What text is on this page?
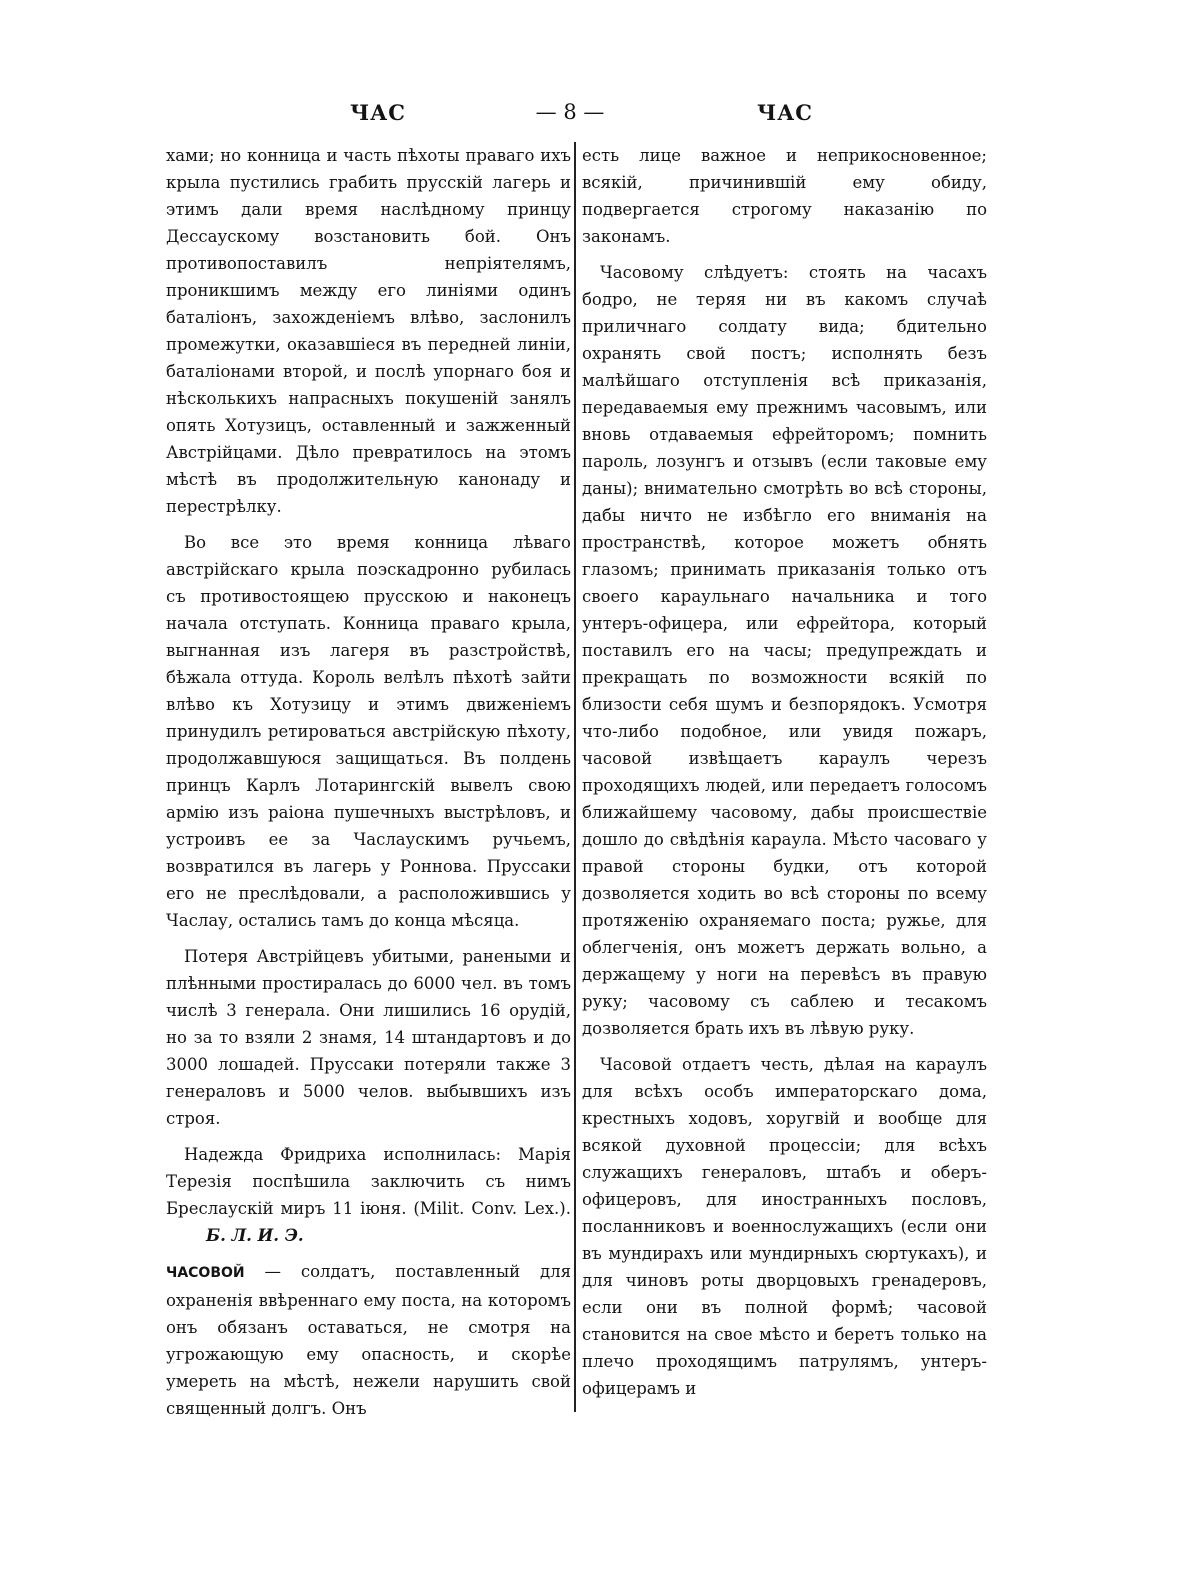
ЧАС	— 8 —	ЧАС

хами; но конница и часть пѣхоты праваго ихъ крыла пустились грабить прусскій лагерь и этимъ дали время наслѣдному принцу Дессаускому возстановить бой. Онъ противопоставилъ непріятелямъ, проникшимъ между его линіями одинъ баталіонъ, захожденіемъ влѣво, заслонилъ промежутки, оказавшіеся въ передней линіи, баталіонами второй, и послѣ упорнаго боя и нѣсколькихъ напрасныхъ покушеній занялъ опять Хотузицъ, оставленный и зажженный Австрійцами. Дѣло превратилось на этомъ мѣстѣ въ продолжительную канонаду и перестрѣлку.

Во все это время конница лѣваго австрійскаго крыла поэскадронно рубилась съ противостоящею прусскою и наконецъ начала отступать. Конница праваго крыла, выгнанная изъ лагеря въ разстройствѣ, бѣжала оттуда. Король велѣлъ пѣхотѣ зайти влѣво къ Хотузицу и этимъ движеніемъ принудилъ ретироваться австрійскую пѣхоту, продолжавшуюся защищаться. Въ полдень принцъ Карлъ Лотарингскій вывелъ свою армію изъ раіона пушечныхъ выстрѣловъ, и устроивъ ее за Часлаускимъ ручьемъ, возвратился въ лагерь у Роннова. Пруссаки его не преслѣдовали, а расположившись у Часлау, остались тамъ до конца мѣсяца.

Потеря Австрійцевъ убитыми, ранеными и плѣнными простиралась до 6000 чел. въ томъ числѣ 3 генерала. Они лишились 16 орудій, но за то взяли 2 знамя, 14 штандартовъ и до 3000 лошадей. Пруссаки потеряли также 3 генераловъ и 5000 челов. выбывшихъ изъ строя.

Надежда Фридриха исполнилась: Марія Терезія поспѣшила заключить съ нимъ Бреслаускій миръ 11 іюня. (Milit. Conv. Lex.). Б. Л. И. Э.

ЧАСОВОЙ — солдатъ, поставленный для охраненія ввѣреннаго ему поста, на которомъ онъ обязанъ оставаться, не смотря на угрожающую ему опасность, и скорѣе умереть на мѣстѣ, нежели нарушить свой священный долгъ. Онъ

есть лице важное и неприкосновенное; всякій, причинившій ему обиду, подвергается строгому наказанію по законамъ.

Часовому слѣдуетъ: стоять на часахъ бодро, не теряя ни въ какомъ случаѣ приличнаго солдату вида; бдительно охранять свой постъ; исполнять безъ малѣйшаго отступленія всѣ приказанія, передаваемыя ему прежнимъ часовымъ, или вновь отдаваемыя ефрейторомъ; помнить пароль, лозунгъ и отзывъ (если таковые ему даны); внимательно смотрѣть во всѣ стороны, дабы ничто не избѣгло его вниманія на пространствѣ, которое можетъ обнять глазомъ; принимать приказанія только отъ своего караульнаго начальника и того унтеръ-офицера, или ефрейтора, который поставилъ его на часы; предупреждать и прекращать по возможности всякій по близости себя шумъ и безпорядокъ. Усмотря что-либо подобное, или увидя пожаръ, часовой извѣщаетъ караулъ черезъ проходящихъ людей, или передаетъ голосомъ ближайшему часовому, дабы происшествіе дошло до свѣдѣнія караула. Мѣсто часоваго у правой стороны будки, отъ которой дозволяется ходить во всѣ стороны по всему протяженію охраняемаго поста; ружье, для облегченія, онъ можетъ держать вольно, а держащему у ноги на перевѣсъ въ правую руку; часовому съ саблею и тесакомъ дозволяется брать ихъ въ лѣвую руку.

Часовой отдаетъ честь, дѣлая на караулъ для всѣхъ особъ императорскаго дома, крестныхъ ходовъ, хоругвій и вообще для всякой духовной процессіи; для всѣхъ служащихъ генераловъ, штабъ и оберъ-офицеровъ, для иностранныхъ пословъ, посланниковъ и военнослужащихъ (если они въ мундирахъ или мундирныхъ сюртукахъ), и для чиновъ роты дворцовыхъ гренадеровъ, если они въ полной формѣ; часовой становится на свое мѣсто и беретъ только на плечо проходящимъ патрулямъ, унтеръ-офицерамъ и
